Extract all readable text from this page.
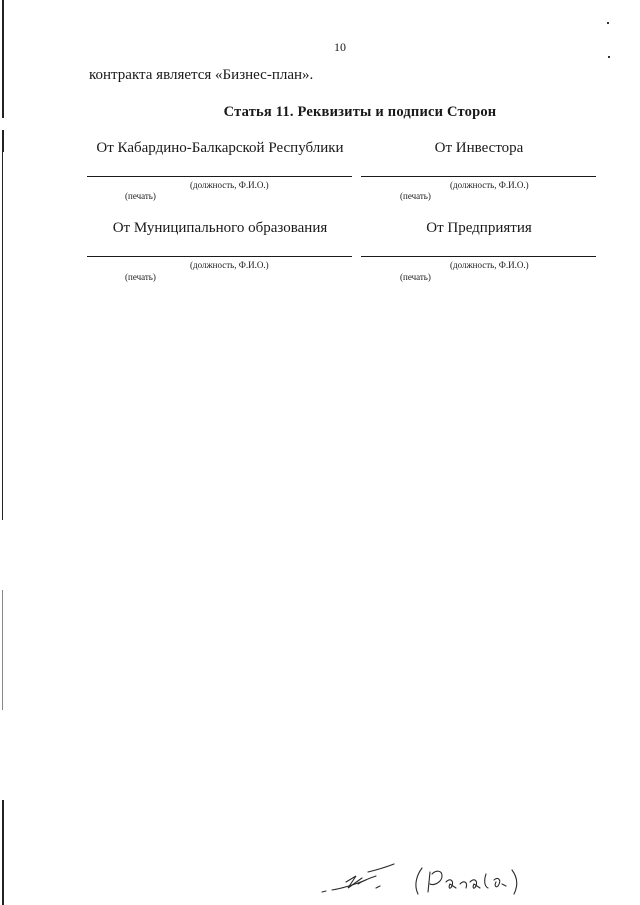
10
контракта является «Бизнес-план».
Статья 11. Реквизиты и подписи Сторон
От Кабардино-Балкарской Республики
(должность, Ф.И.О.)
(печать)
От Инвестора
(должность, Ф.И.О.)
(печать)
От Муниципального образования
(должность, Ф.И.О.)
(печать)
От Предприятия
(должность, Ф.И.О.)
(печать)
